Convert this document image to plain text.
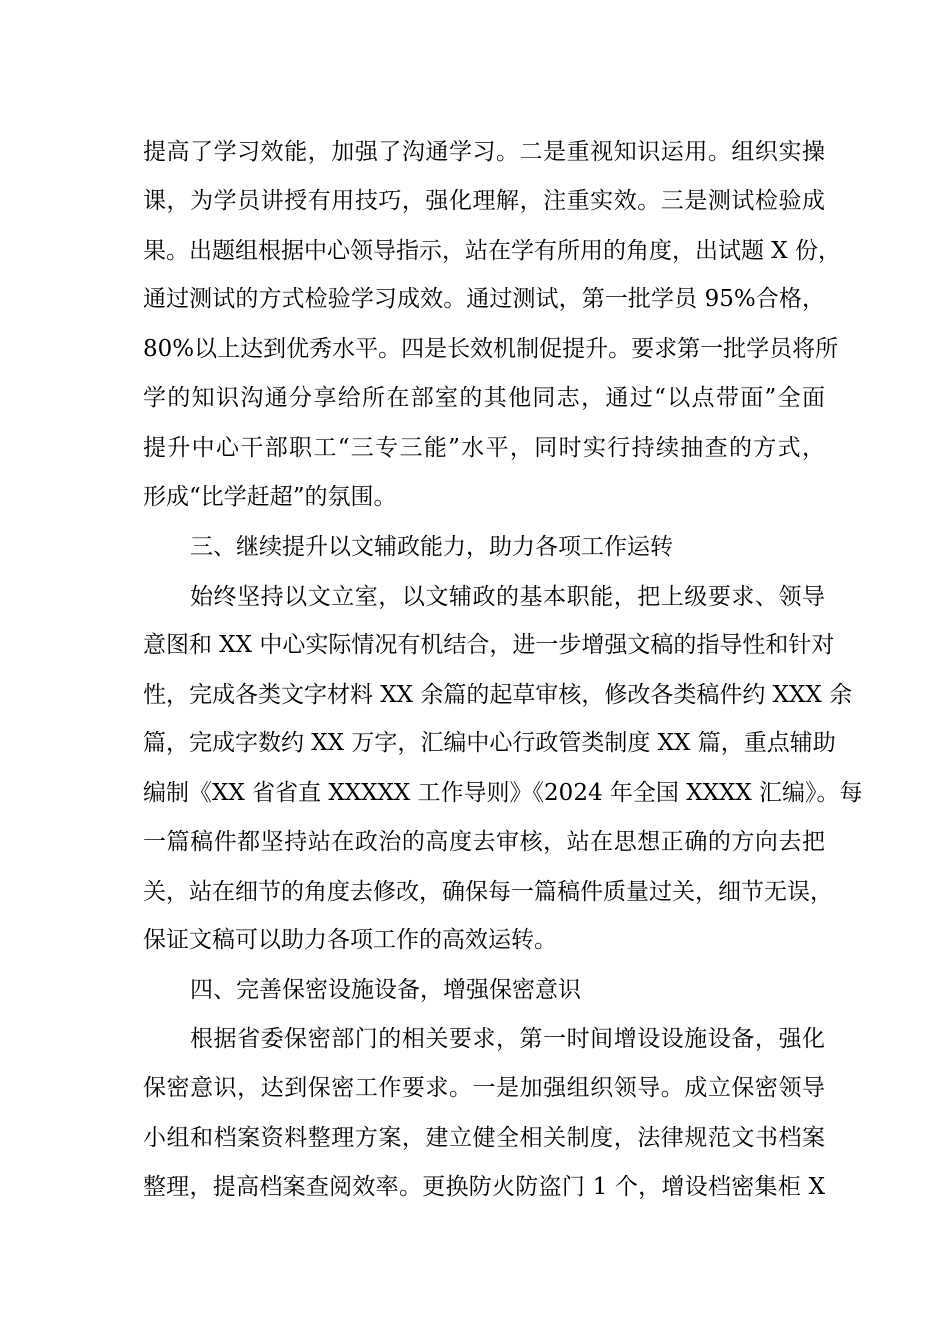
提高了学习效能，加强了沟通学习。二是重视知识运用。组织实操
课，为学员讲授有用技巧，强化理解，注重实效。三是测试检验成
果。出题组根据中心领导指示，站在学有所用的角度，出试题 X 份，
通过测试的方式检验学习成效。通过测试，第一批学员 95%合格，
80%以上达到优秀水平。四是长效机制促提升。要求第一批学员将所
学的知识沟通分享给所在部室的其他同志，通过“以点带面”全面
提升中心干部职工“三专三能”水平，同时实行持续抽查的方式，
形成“比学赶超”的氛围。
三、继续提升以文辅政能力，助力各项工作运转
始终坚持以文立室，以文辅政的基本职能，把上级要求、领导
意图和 XX 中心实际情况有机结合，进一步增强文稿的指导性和针对
性，完成各类文字材料 XX 余篇的起草审核，修改各类稿件约 XXX 余
篇，完成字数约 XX 万字，汇编中心行政管类制度 XX 篇，重点辅助
编制《XX 省省直 XXXXX 工作导则》《2024 年全国 XXXX 汇编》。每
一篇稿件都坚持站在政治的高度去审核，站在思想正确的方向去把
关，站在细节的角度去修改，确保每一篇稿件质量过关，细节无误，
保证文稿可以助力各项工作的高效运转。
四、完善保密设施设备，增强保密意识
根据省委保密部门的相关要求，第一时间增设设施设备，强化
保密意识，达到保密工作要求。一是加强组织领导。成立保密领导
小组和档案资料整理方案，建立健全相关制度，法律规范文书档案
整理，提高档案查阅效率。更换防火防盗门 1 个，增设档密集柜 X
